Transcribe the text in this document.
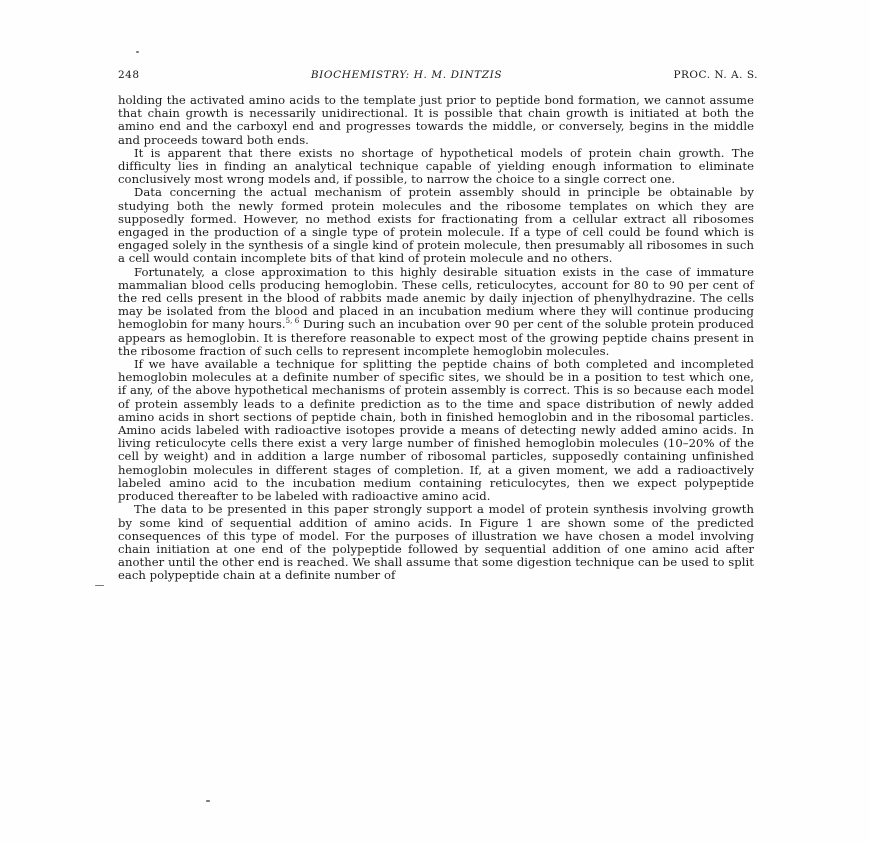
248	BIOCHEMISTRY: H. M. DINTZIS	PROC. N. A. S.

holding the activated amino acids to the template just prior to peptide bond formation, we cannot assume that chain growth is necessarily unidirectional. It is possible that chain growth is initiated at both the amino end and the carboxyl end and progresses towards the middle, or conversely, begins in the middle and proceeds toward both ends.

It is apparent that there exists no shortage of hypothetical models of protein chain growth. The difficulty lies in finding an analytical technique capable of yielding enough information to eliminate conclusively most wrong models and, if possible, to narrow the choice to a single correct one.

Data concerning the actual mechanism of protein assembly should in principle be obtainable by studying both the newly formed protein molecules and the ribosome templates on which they are supposedly formed. However, no method exists for fractionating from a cellular extract all ribosomes engaged in the production of a single type of protein molecule. If a type of cell could be found which is engaged solely in the synthesis of a single kind of protein molecule, then presumably all ribosomes in such a cell would contain incomplete bits of that kind of protein molecule and no others.

Fortunately, a close approximation to this highly desirable situation exists in the case of immature mammalian blood cells producing hemoglobin. These cells, reticulocytes, account for 80 to 90 per cent of the red cells present in the blood of rabbits made anemic by daily injection of phenylhydrazine. The cells may be isolated from the blood and placed in an incubation medium where they will continue producing hemoglobin for many hours.$^{5, 6}$ During such an incubation over 90 per cent of the soluble protein produced appears as hemoglobin. It is therefore reasonable to expect most of the growing peptide chains present in the ribosome fraction of such cells to represent incomplete hemoglobin molecules.

If we have available a technique for splitting the peptide chains of both completed and incompleted hemoglobin molecules at a definite number of specific sites, we should be in a position to test which one, if any, of the above hypothetical mechanisms of protein assembly is correct. This is so because each model of protein assembly leads to a definite prediction as to the time and space distribution of newly added amino acids in short sections of peptide chain, both in finished hemoglobin and in the ribosomal particles. Amino acids labeled with radioactive isotopes provide a means of detecting newly added amino acids. In living reticulocyte cells there exist a very large number of finished hemoglobin molecules (10–20% of the cell by weight) and in addition a large number of ribosomal particles, supposedly containing unfinished hemoglobin molecules in different stages of completion. If, at a given moment, we add a radioactively labeled amino acid to the incubation medium containing reticulocytes, then we expect polypeptide produced thereafter to be labeled with radioactive amino acid.

The data to be presented in this paper strongly support a model of protein synthesis involving growth by some kind of sequential addition of amino acids. In Figure 1 are shown some of the predicted consequences of this type of model. For the purposes of illustration we have chosen a model involving chain initiation at one end of the polypeptide followed by sequential addition of one amino acid after another until the other end is reached. We shall assume that some digestion technique can be used to split each polypeptide chain at a definite number of
